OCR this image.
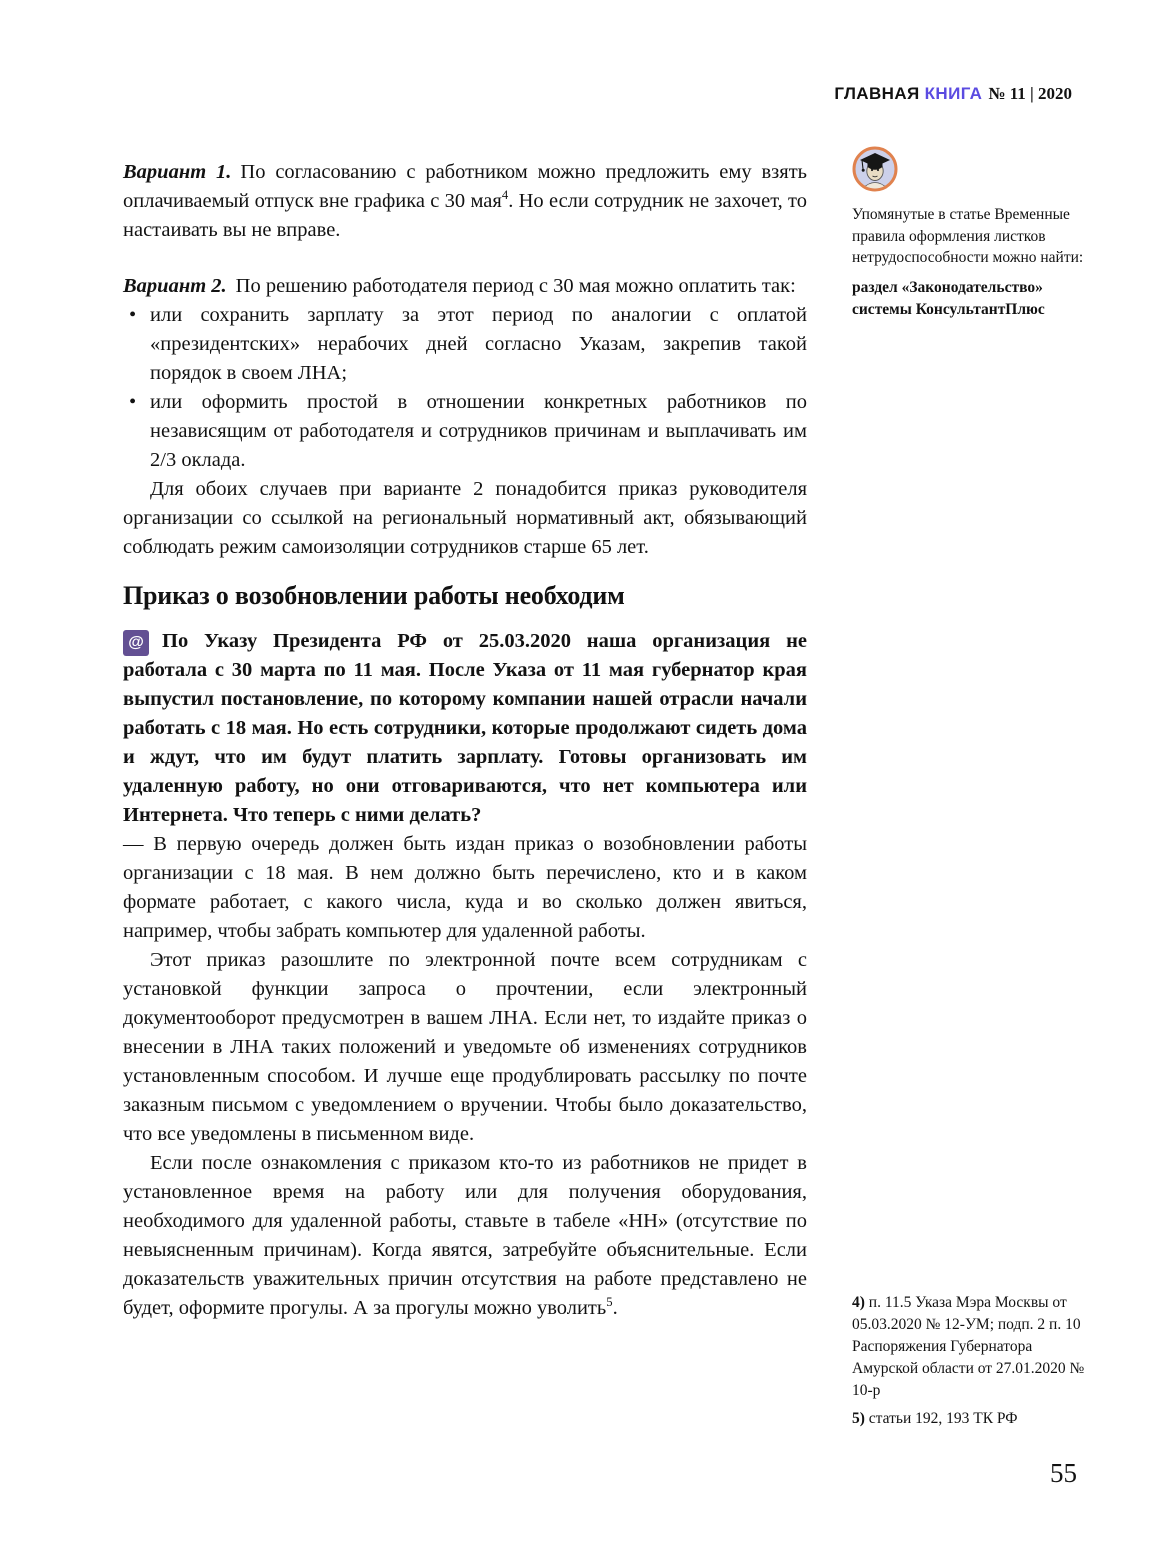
ГЛАВНАЯ КНИГА № 11 | 2020

Вариант 1. По согласованию с работником можно предложить ему взять оплачиваемый отпуск вне графика с 30 мая$^4$. Но если сотрудник не захочет, то настаивать вы не вправе.

Вариант 2. По решению работодателя период с 30 мая можно оплатить так:

• или сохранить зарплату за этот период по аналогии с оплатой «президентских» нерабочих дней согласно Указам, закрепив такой порядок в своем ЛНА;
• или оформить простой в отношении конкретных работников по независящим от работодателя и сотрудников причинам и выплачивать им 2/3 оклада.

Для обоих случаев при варианте 2 понадобится приказ руководителя организации со ссылкой на региональный нормативный акт, обязывающий соблюдать режим самоизоляции сотрудников старше 65 лет.

Приказ о возобновлении работы необходим

@ По Указу Президента РФ от 25.03.2020 наша организация не работала с 30 марта по 11 мая. После Указа от 11 мая губернатор края выпустил постановление, по которому компании нашей отрасли начали работать с 18 мая. Но есть сотрудники, которые продолжают сидеть дома и ждут, что им будут платить зарплату. Готовы организовать им удаленную работу, но они отговариваются, что нет компьютера или Интернета. Что теперь с ними делать?

— В первую очередь должен быть издан приказ о возобновлении работы организации с 18 мая. В нем должно быть перечислено, кто и в каком формате работает, с какого числа, куда и во сколько должен явиться, например, чтобы забрать компьютер для удаленной работы.

Этот приказ разошлите по электронной почте всем сотрудникам с установкой функции запроса о прочтении, если электронный документооборот предусмотрен в вашем ЛНА. Если нет, то издайте приказ о внесении в ЛНА таких положений и уведомьте об изменениях сотрудников установленным способом. И лучше еще продублировать рассылку по почте заказным письмом с уведомлением о вручении. Чтобы было доказательство, что все уведомлены в письменном виде.

Если после ознакомления с приказом кто-то из работников не придет в установленное время на работу или для получения оборудования, необходимого для удаленной работы, ставьте в табеле «НН» (отсутствие по невыясненным причинам). Когда явятся, затребуйте объяснительные. Если доказательств уважительных причин отсутствия на работе представлено не будет, оформите прогулы. А за прогулы можно уволить$^5$.

Упомянутые в статье Временные правила оформления листков нетрудоспособности можно найти:
раздел «Законодательство» системы КонсультантПлюс
4) п. 11.5 Указа Мэра Москвы от 05.03.2020 № 12-УМ; подп. 2 п. 10 Распоряжения Губернатора Амурской области от 27.01.2020 № 10-р
5) статьи 192, 193 ТК РФ
55
